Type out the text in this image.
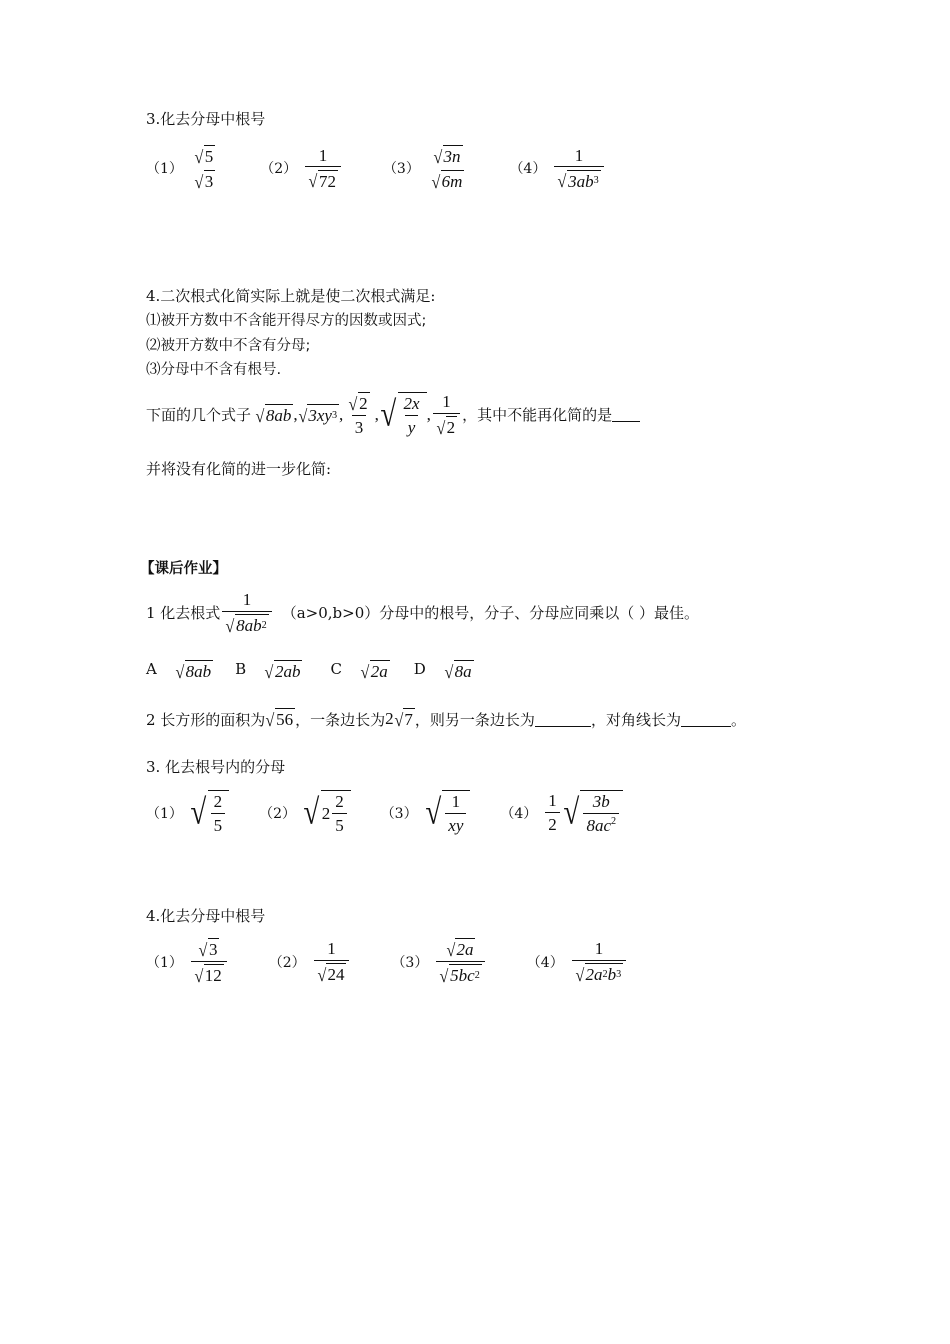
3.化去分母中根号
（1）
√ 5
√ 3
$(2) \frac{1}{√ 72}$	（3）
√ 3n
√ 6m
$(4) \frac{1}{√ 3ab 3}$
4.二次根式化简实际上就是使二次根式满足:
⑴被开方数中不含能开得尽方的因数或因式;
⑵被开方数中不含有分母;
⑶分母中不含有根号.
下面的几个式子 √ 8ab , √ 3xy 3 , $\frac{√ 2}{3}$ , √ $\frac{2x}{y}$ , $\frac{1}{√ 2}$ ，其中不能再化简的是
并将没有化简的进一步化简:
【课后作业】
1 化去根式 $\frac{1}{√ 8ab 2} (a>0,b>0)$分母中的根号，分子、分母应同乘以（ ）最佳。
A √ 8ab B √ 2ab C √ 2a D √ 8a
2 长方形的面积为 √ 56 ，一条边长为 2 √ 7 ，则另一条边长为	，对角线长为	。
3. 化去根号内的分母
（1） √ $\frac{2}{5} (2)$ √ $2 \frac{2}{5} (3)$ √ $\frac{1}{xy} (4) \frac{1}{2}$ √ $\frac{3b}{8ac^2}$
4.化去分母中根号
$(1) \frac{√ 3}{√ 12}$	$(2) \frac{1}{√ 24}$	$(3) \frac{√ 2a}{√ 5bc 2}$	$(4) \frac{1}{√ 2a 2 b 3}$
